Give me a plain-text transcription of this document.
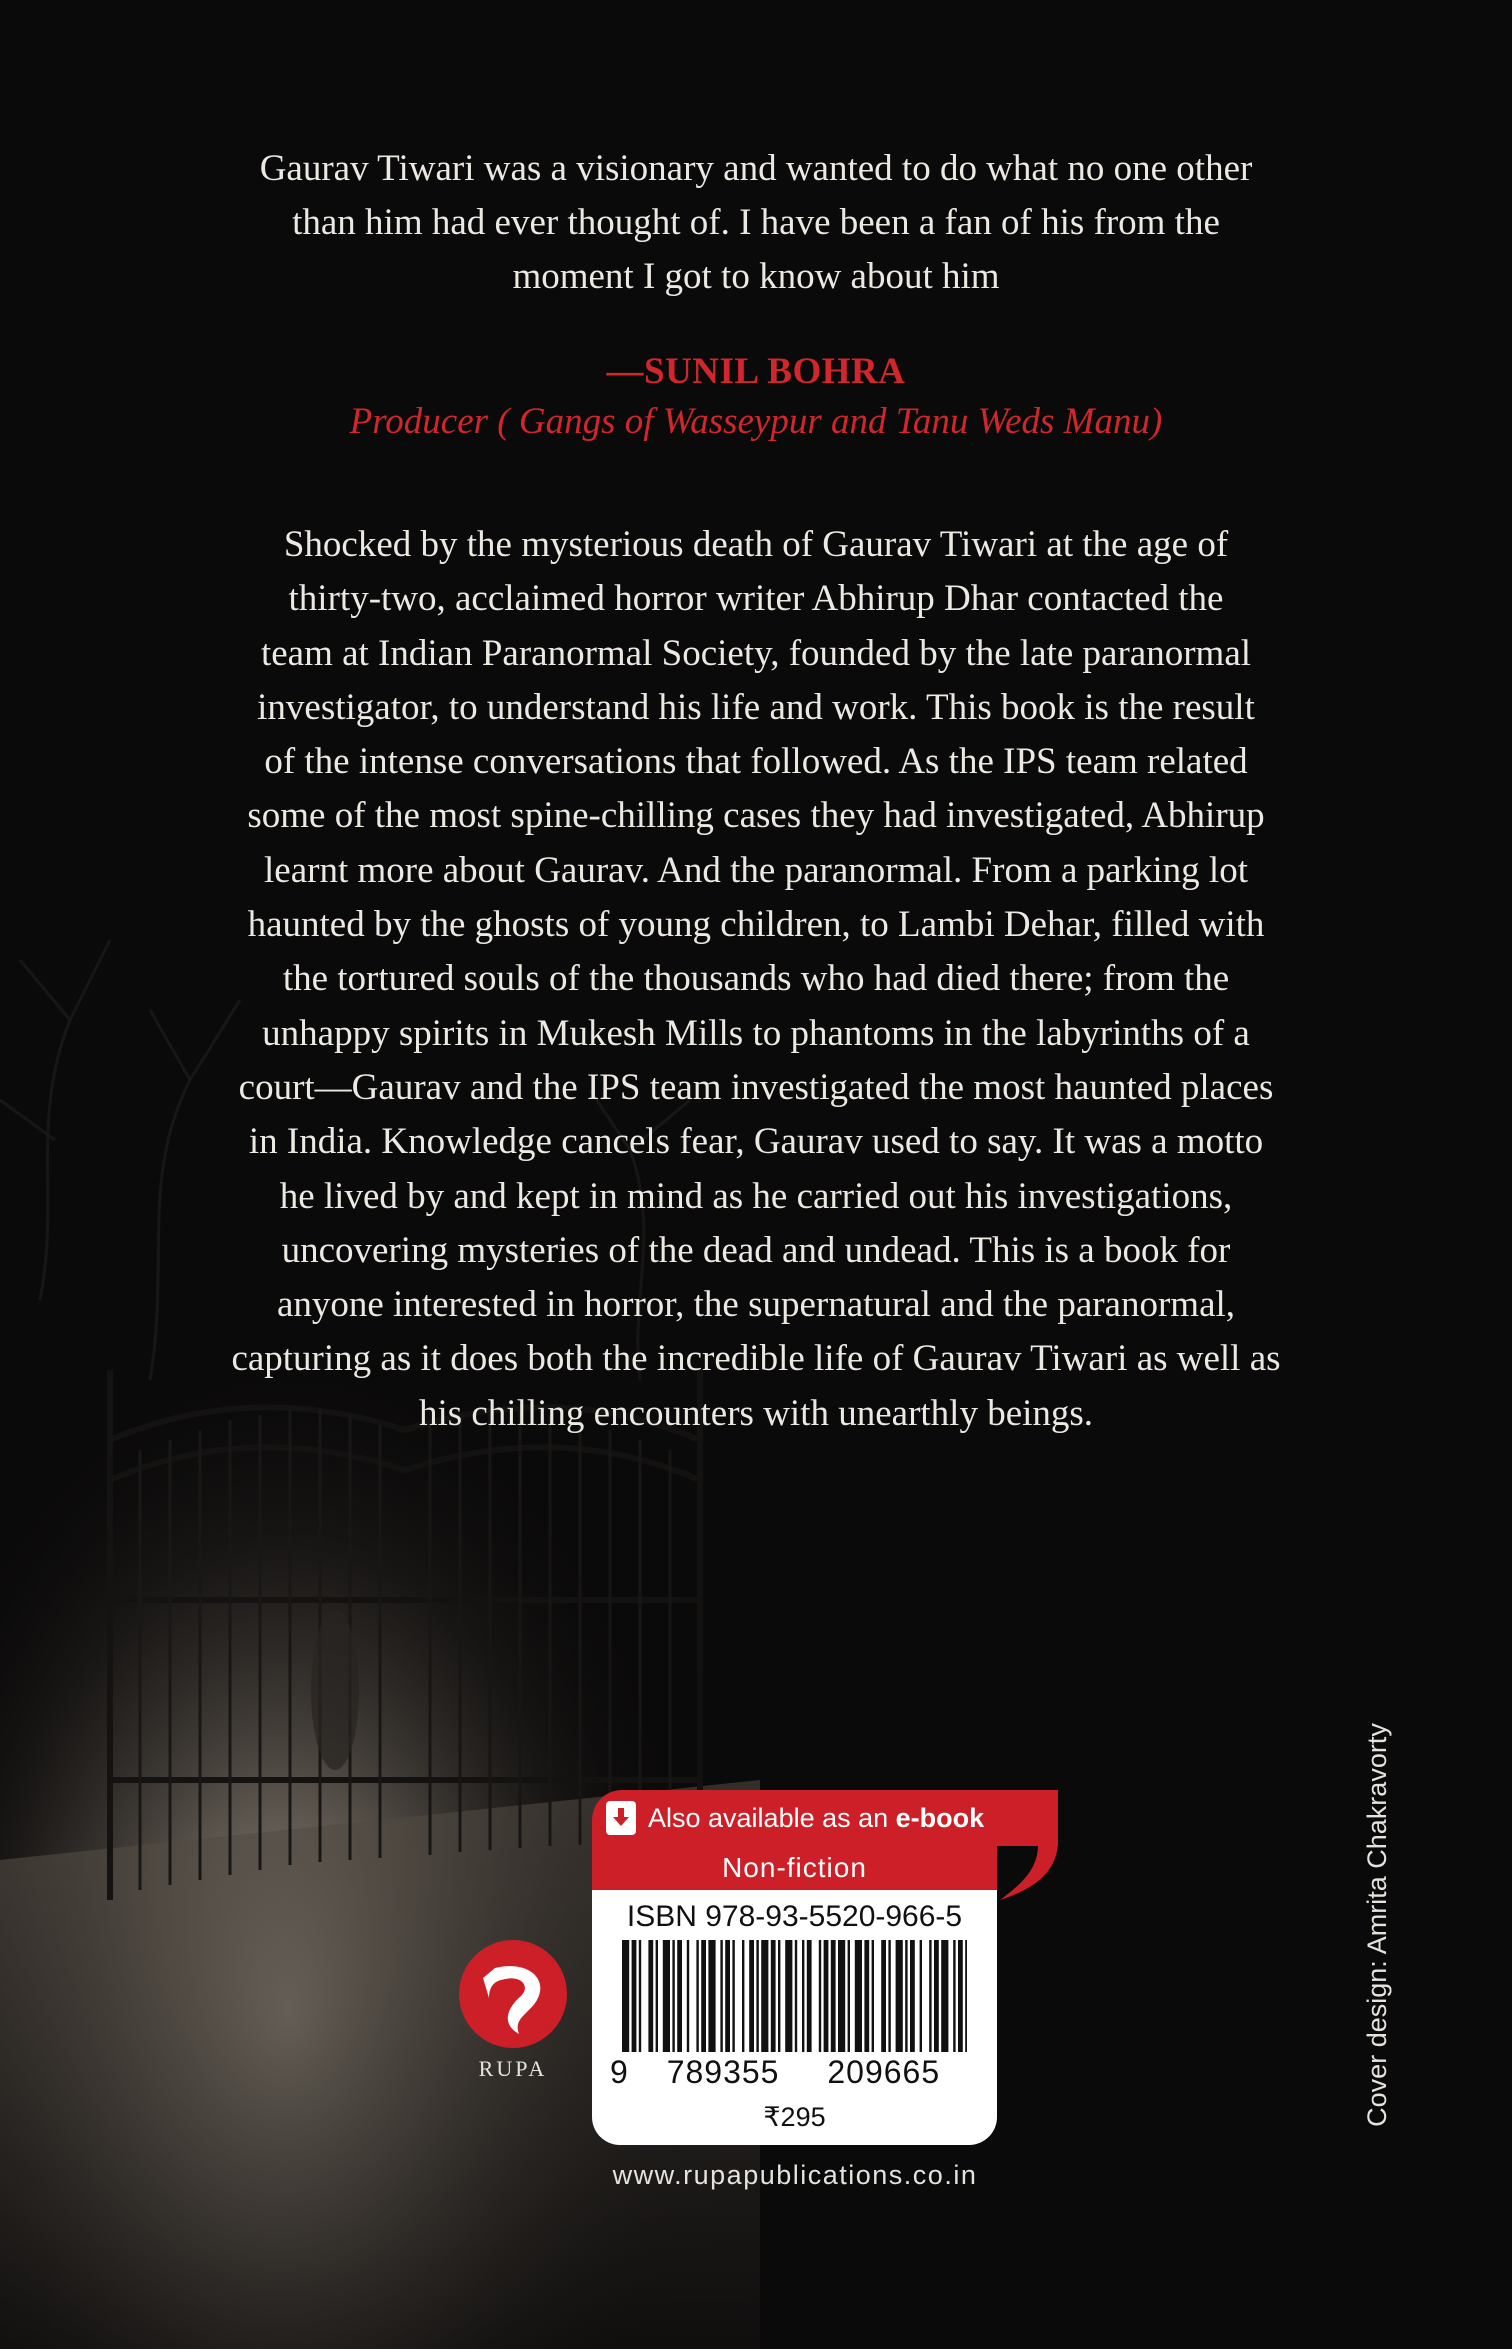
Gaurav Tiwari was a visionary and wanted to do what no one other
than him had ever thought of. I have been a fan of his from the
moment I got to know about him
—SUNIL BOHRA
Producer ( Gangs of Wasseypur and Tanu Weds Manu)
Shocked by the mysterious death of Gaurav Tiwari at the age of
thirty-two, acclaimed horror writer Abhirup Dhar contacted the
team at Indian Paranormal Society, founded by the late paranormal
investigator, to understand his life and work. This book is the result
of the intense conversations that followed. As the IPS team related
some of the most spine-chilling cases they had investigated, Abhirup
learnt more about Gaurav. And the paranormal. From a parking lot
haunted by the ghosts of young children, to Lambi Dehar, filled with
the tortured souls of the thousands who had died there; from the
unhappy spirits in Mukesh Mills to phantoms in the labyrinths of a
court—Gaurav and the IPS team investigated the most haunted places
in India. Knowledge cancels fear, Gaurav used to say. It was a motto
he lived by and kept in mind as he carried out his investigations,
uncovering mysteries of the dead and undead. This is a book for
anyone interested in horror, the supernatural and the paranormal,
capturing as it does both the incredible life of Gaurav Tiwari as well as
his chilling encounters with unearthly beings.
Also available as an e-book
Non-fiction
ISBN 978-93-5520-966-5
9 789355 209665
₹295
www.rupapublications.co.in
RUPA	Cover design: Amrita Chakravorty
